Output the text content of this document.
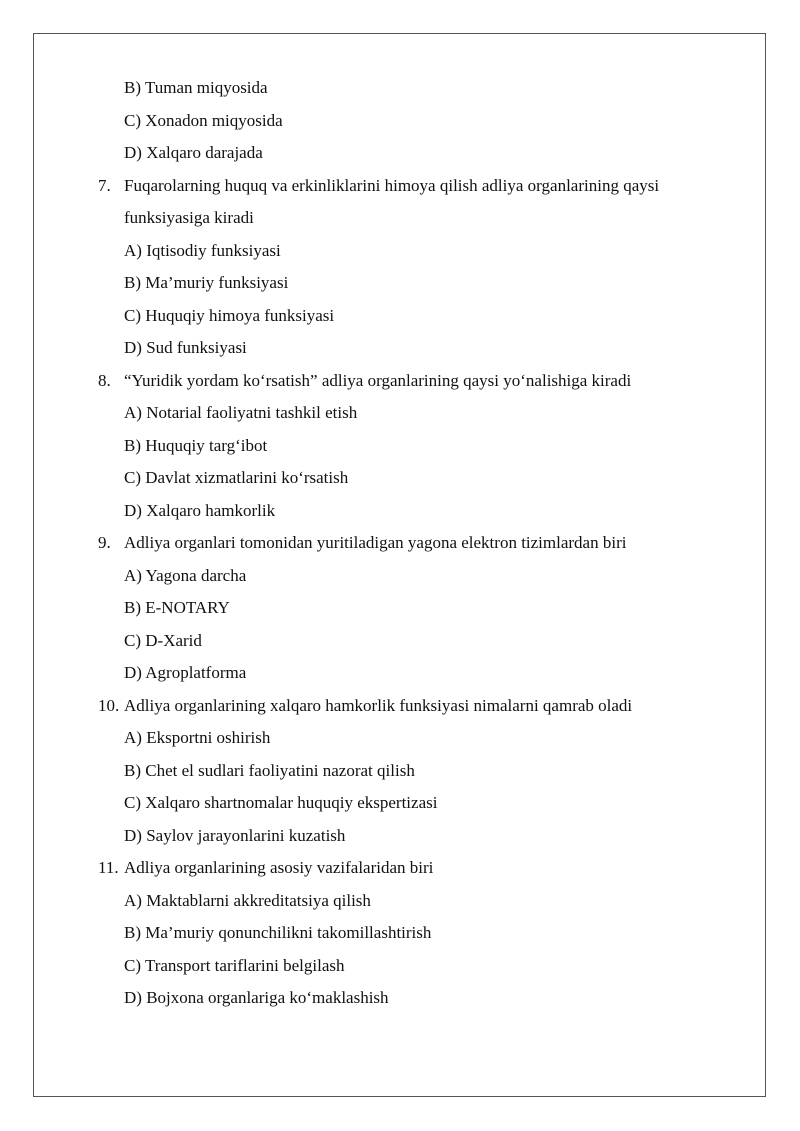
B) Tuman miqyosida
C) Xonadon miqyosida
D) Xalqaro darajada
7. Fuqarolarning huquq va erkinliklarini himoya qilish adliya organlarining qaysi
funksiyasiga kiradi
A) Iqtisodiy funksiyasi
B) Ma’muriy funksiyasi
C) Huquqiy himoya funksiyasi
D) Sud funksiyasi
8. “Yuridik yordam ko‘rsatish” adliya organlarining qaysi yo‘nalishiga kiradi
A) Notarial faoliyatni tashkil etish
B) Huquqiy targ‘ibot
C) Davlat xizmatlarini ko‘rsatish
D) Xalqaro hamkorlik
9. Adliya organlari tomonidan yuritiladigan yagona elektron tizimlardan biri
A) Yagona darcha
B) E-NOTARY
C) D-Xarid
D) Agroplatforma
10. Adliya organlarining xalqaro hamkorlik funksiyasi nimalarni qamrab oladi
A) Eksportni oshirish
B) Chet el sudlari faoliyatini nazorat qilish
C) Xalqaro shartnomalar huquqiy ekspertizasi
D) Saylov jarayonlarini kuzatish
11. Adliya organlarining asosiy vazifalaridan biri
A) Maktablarni akkreditatsiya qilish
B) Ma’muriy qonunchilikni takomillashtirish
C) Transport tariflarini belgilash
D) Bojxona organlariga ko‘maklashish
